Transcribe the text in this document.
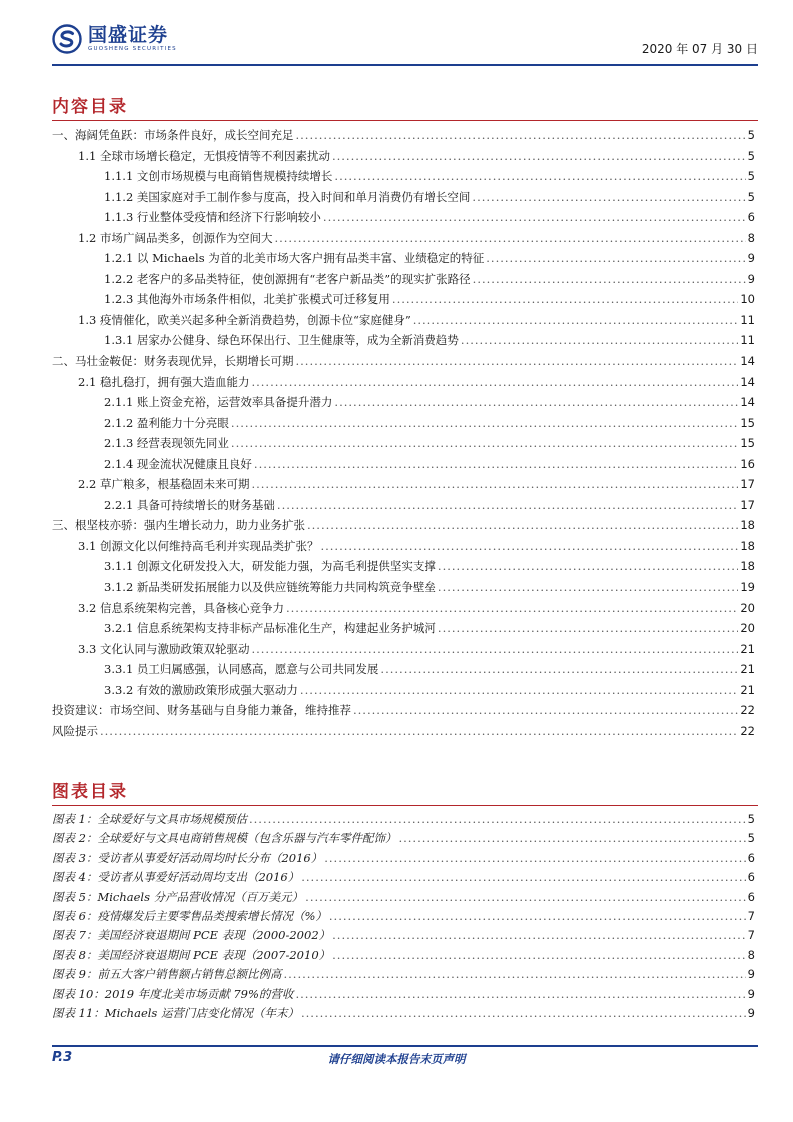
国盛证券
GUOSHENG SECURITIES	2020 年 07 月 30 日
内容目录
一、海阔凭鱼跃：市场条件良好，成长空间充足 .....	5
1.1 全球市场增长稳定，无惧疫情等不利因素扰动 .....	5
1.1.1 文创市场规模与电商销售规模持续增长 .....	5
1.1.2 美国家庭对手工制作参与度高，投入时间和单月消费仍有增长空间 .....	5
1.1.3 行业整体受疫情和经济下行影响较小 .....	6
1.2 市场广阔品类多，创源作为空间大 .....	8
1.2.1 以 Michaels 为首的北美市场大客户拥有品类丰富、业绩稳定的特征 .....	9
1.2.2 老客户的多品类特征，使创源拥有“老客户新品类”的现实扩张路径 .....	9
1.2.3 其他海外市场条件相似，北美扩张模式可迁移复用 .....	10
1.3 疫情催化，欧美兴起多种全新消费趋势，创源卡位“家庭健身” .....	11
1.3.1 居家办公健身、绿色环保出行、卫生健康等，成为全新消费趋势 .....	11
二、马壮金鞍促：财务表现优异，长期增长可期 .....	14
2.1 稳扎稳打，拥有强大造血能力 .....	14
2.1.1 账上资金充裕，运营效率具备提升潜力 .....	14
2.1.2 盈利能力十分亮眼 .....	15
2.1.3 经营表现领先同业 .....	15
2.1.4 现金流状况健康且良好 .....	16
2.2 草广粮多，根基稳固未来可期 .....	17
2.2.1 具备可持续增长的财务基础 .....	17
三、根坚枝亦骄：强内生增长动力，助力业务扩张 .....	18
3.1 创源文化以何维持高毛利并实现品类扩张？ .....	18
3.1.1 创源文化研发投入大，研发能力强，为高毛利提供坚实支撑 .....	18
3.1.2 新品类研发拓展能力以及供应链统筹能力共同构筑竞争壁垒 .....	19
3.2 信息系统架构完善，具备核心竞争力 .....	20
3.2.1 信息系统架构支持非标产品标准化生产，构建起业务护城河 .....	20
3.3 文化认同与激励政策双轮驱动 .....	21
3.3.1 员工归属感强，认同感高，愿意与公司共同发展 .....	21
3.3.2 有效的激励政策形成强大驱动力 .....	21
投资建议：市场空间、财务基础与自身能力兼备，维持推荐 .....	22
风险提示 .....	22
图表目录
图表 1：全球爱好与文具市场规模预估 .....	5
图表 2：全球爱好与文具电商销售规模（包含乐器与汽车零件配饰） .....	5
图表 3：受访者从事爱好活动周均时长分布（2016） .....	6
图表 4：受访者从事爱好活动周均支出（2016） .....	6
图表 5：Michaels 分产品营收情况（百万美元） .....	6
图表 6：疫情爆发后主要零售品类搜索增长情况（%） .....	7
图表 7：美国经济衰退期间 PCE 表现（2000-2002） .....	7
图表 8：美国经济衰退期间 PCE 表现（2007-2010） .....	8
图表 9：前五大客户销售额占销售总额比例高 .....	9
图表 10：2019 年度北美市场贡献 79%的营收 .....	9
图表 11：Michaels 运营门店变化情况（年末） .....	9
P.3	请仔细阅读本报告末页声明
